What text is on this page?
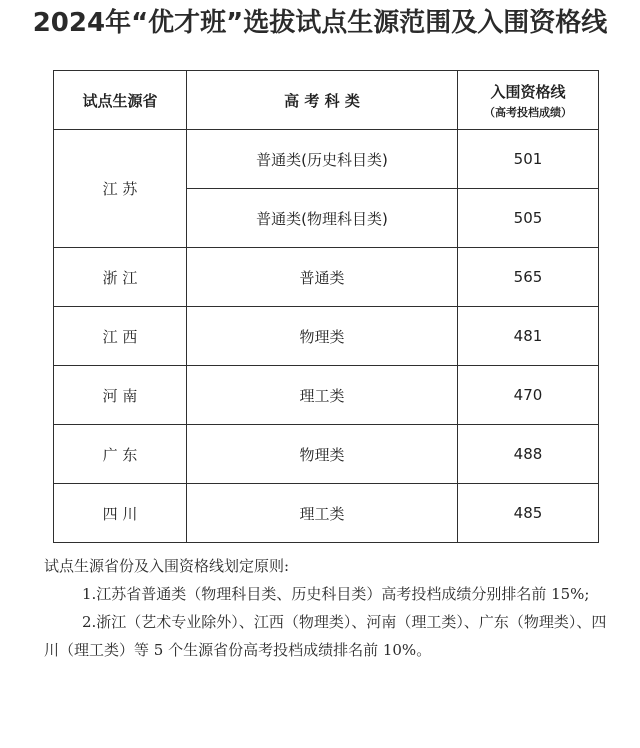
2024年“优才班”选拔试点生源范围及入围资格线
试点生源省	高 考 科 类	入围资格线
（高考投档成绩）

江 苏	普通类(历史科目类)	501
	普通类(物理科目类)	505
浙 江	普通类	565
江 西	物理类	481
河 南	理工类	470
广 东	物理类	488
四 川	理工类	485

试点生源省份及入围资格线划定原则:

1.江苏省普通类（物理科目类、历史科目类）高考投档成绩分别排名前 15%;

2.浙江（艺术专业除外）、江西（物理类）、河南（理工类）、广东（物理类）、四川（理工类）等 5 个生源省份高考投档成绩排名前 10%。
